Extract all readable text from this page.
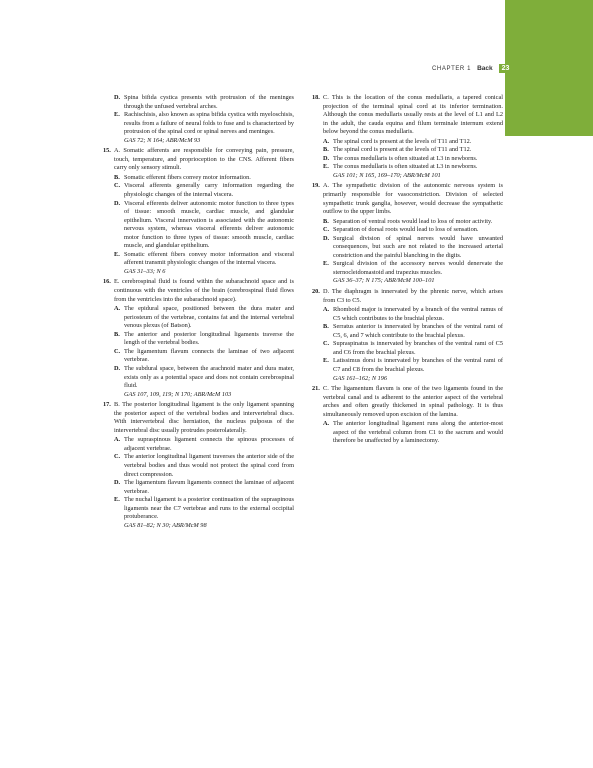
CHAPTER 1 Back	23
D. Spina bifida cystica presents with protrusion of the meninges through the unfused vertebral arches.
E. Rachischisis, also known as spina bifida cystica with myeloschisis, results from a failure of neural folds to fuse and is characterized by protrusion of the spinal cord or spinal nerves and meninges.
GAS 72; N 164; ABR/McM 93
15. A. Somatic afferents are responsible for conveying pain, pressure, touch, temperature, and proprioception to the CNS. Afferent fibers carry only sensory stimuli.
B. Somatic efferent fibers convey motor information.
C. Visceral afferents generally carry information regarding the physiologic changes of the internal viscera.
D. Visceral efferents deliver autonomic motor function to three types of tissue: smooth muscle, cardiac muscle, and glandular epithelium. Visceral innervation is associated with the autonomic nervous system, whereas visceral efferents deliver autonomic motor function to three types of tissue: smooth muscle, cardiac muscle, and glandular epithelium.
E. Somatic efferent fibers convey motor information and visceral afferent transmit physiologic changes of the internal viscera.
GAS 31–33; N 6
16. E. cerebrospinal fluid is found within the subarachnoid space and is continuous with the ventricles of the brain (cerebrospinal fluid flows from the ventricles into the subarachnoid space).
A. The epidural space, positioned between the dura mater and periosteum of the vertebrae, contains fat and the internal vertebral venous plexus (of Batson).
B. The anterior and posterior longitudinal ligaments traverse the length of the vertebral bodies.
C. The ligamentum flavum connects the laminae of two adjacent vertebrae.
D. The subdural space, between the arachnoid mater and dura mater, exists only as a potential space and does not contain cerebrospinal fluid.
GAS 107, 109, 119; N 170; ABR/McM 103
17. B. The posterior longitudinal ligament is the only ligament spanning the posterior aspect of the vertebral bodies and intervertebral discs. With intervertebral disc herniation, the nucleus pulposus of the intervertebral disc usually protrudes posterolaterally.
A. The supraspinous ligament connects the spinous processes of adjacent vertebrae.
C. The anterior longitudinal ligament traverses the anterior side of the vertebral bodies and thus would not protect the spinal cord from direct compression.
D. The ligamentum flavum ligaments connect the laminae of adjacent vertebrae.
E. The nuchal ligament is a posterior continuation of the supraspinous ligaments near the C7 vertebrae and runs to the external occipital protuberance.
GAS 81–82; N 30; ABR/McM 98
18. C. This is the location of the conus medullaris, a tapered conical projection of the terminal spinal cord at its inferior termination. Although the conus medullaris usually rests at the level of L1 and L2 in the adult, the cauda equina and filum terminale internum extend below beyond the conus medullaris.
A. The spinal cord is present at the levels of T11 and T12.
B. The spinal cord is present at the levels of T11 and T12.
D. The conus medullaris is often situated at L3 in newborns.
E. The conus medullaris is often situated at L3 in newborns.
GAS 101; N 165, 169–170; ABR/McM 101
19. A. The sympathetic division of the autonomic nervous system is primarily responsible for vasoconstriction. Division of selected sympathetic trunk ganglia, however, would decrease the sympathetic outflow to the upper limbs.
B. Separation of ventral roots would lead to loss of motor activity.
C. Separation of dorsal roots would lead to loss of sensation.
D. Surgical division of spinal nerves would have unwanted consequences, but such are not related to the increased arterial constriction and the painful blanching in the digits.
E. Surgical division of the accessory nerves would denervate the sternocleidomastoid and trapezius muscles.
GAS 36–37; N 175; ABR/McM 100–101
20. D. The diaphragm is innervated by the phrenic nerve, which arises from C3 to C5.
A. Rhomboid major is innervated by a branch of the ventral ramus of C5 which contributes to the brachial plexus.
B. Serratus anterior is innervated by branches of the ventral rami of C5, 6, and 7 which contribute to the brachial plexus.
C. Supraspinatus is innervated by branches of the ventral rami of C5 and C6 from the brachial plexus.
E. Latissimus dorsi is innervated by branches of the ventral rami of C7 and C8 from the brachial plexus.
GAS 161–162; N 196
21. C. The ligamentum flavum is one of the two ligaments found in the vertebral canal and is adherent to the anterior aspect of the vertebral arches and often greatly thickened in spinal pathology. It is thus simultaneously removed upon excision of the lamina.
A. The anterior longitudinal ligament runs along the anterior-most aspect of the vertebral column from C1 to the sacrum and would therefore be unaffected by a laminectomy.
